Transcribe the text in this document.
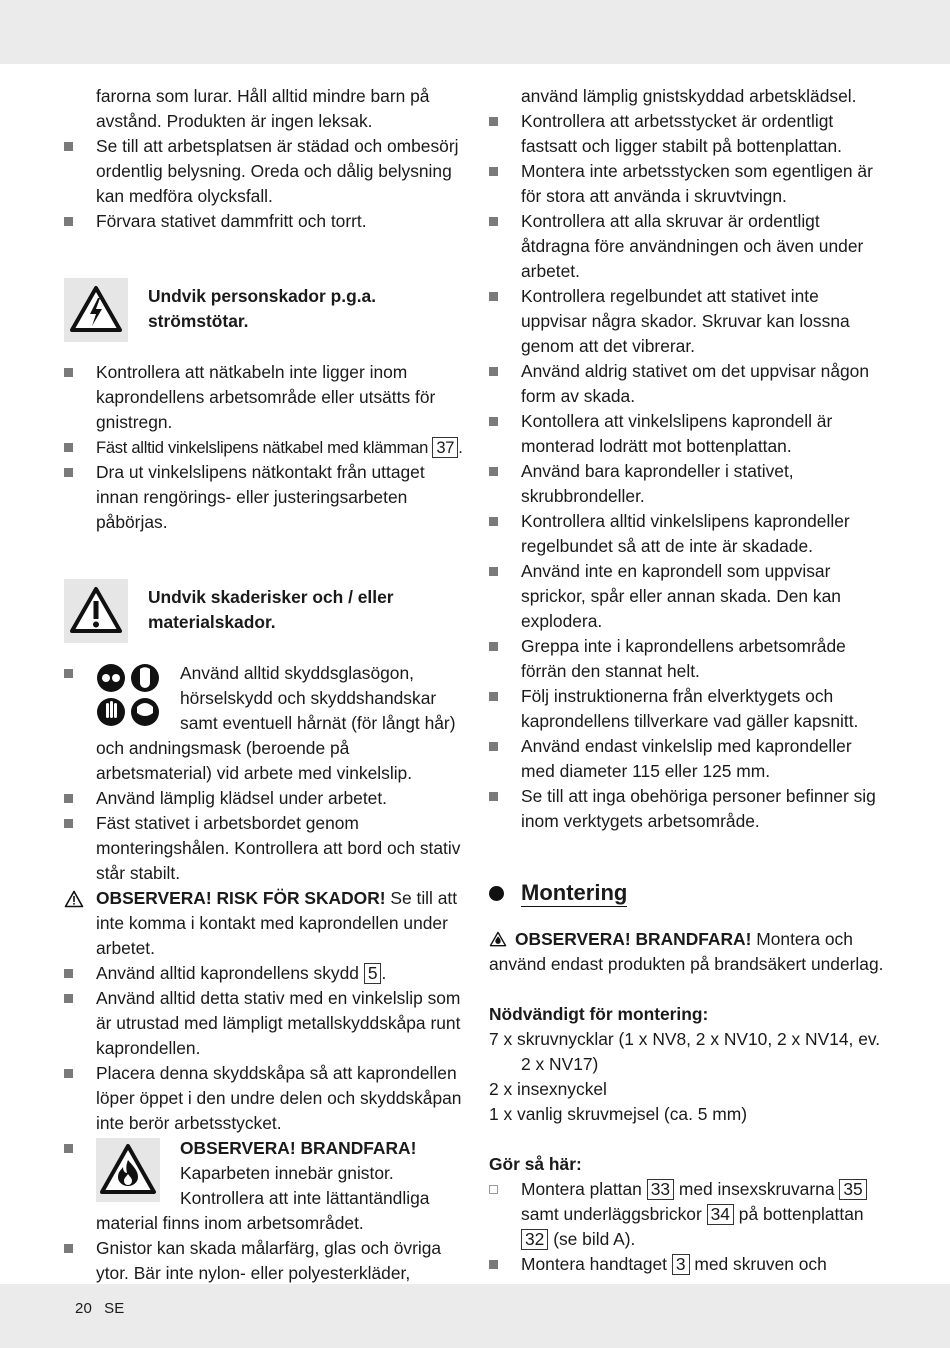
farorna som lurar. Håll alltid mindre barn på avstånd. Produkten är ingen leksak.
Se till att arbetsplatsen är städad och ombesörj ordentlig belysning. Oreda och dålig belysning kan medföra olycksfall.
Förvara stativet dammfritt och torrt.
Undvik personskador p.g.a.
strömstötar.
Kontrollera att nätkabeln inte ligger inom kaprondellens arbetsområde eller utsätts för gnistregn.
Fäst alltid vinkelslipens nätkabel med klämman 37 .
Dra ut vinkelslipens nätkontakt från uttaget innan rengörings- eller justeringsarbeten påbörjas.
Undvik skaderisker och / eller
materialskador.
Använd alltid skyddsglasögon,
hörselskydd och skyddshandskar
samt eventuell hårnät (för långt hår)
och andningsmask (beroende på arbetsmaterial) vid arbete med vinkelslip.
Använd lämplig klädsel under arbetet.
Fäst stativet i arbetsbordet genom monteringshålen. Kontrollera att bord och stativ står stabilt.
OBSERVERA! RISK FÖR SKADOR! Se till att inte komma i kontakt med kaprondellen under arbetet.
Använd alltid kaprondellens skydd 5 .
Använd alltid detta stativ med en vinkelslip som är utrustad med lämpligt metallskyddskåpa runt kaprondellen.
Placera denna skyddskåpa så att kaprondellen löper öppet i den undre delen och skyddskåpan inte berör arbetsstycket.
OBSERVERA! BRANDFARA!
Kaparbeten innebär gnistor.
Kontrollera att inte lättantändliga
material finns inom arbetsområdet.
Gnistor kan skada målarfärg, glas och övriga ytor. Bär inte nylon- eller polyesterkläder,
använd lämplig gnistskyddad arbetsklädsel.
Kontrollera att arbetsstycket är ordentligt fastsatt och ligger stabilt på bottenplattan.
Montera inte arbetsstycken som egentligen är för stora att använda i skruvtvingn.
Kontrollera att alla skruvar är ordentligt åtdragna före användningen och även under arbetet.
Kontrollera regelbundet att stativet inte uppvisar några skador. Skruvar kan lossna genom att det vibrerar.
Använd aldrig stativet om det uppvisar någon form av skada.
Kontollera att vinkelslipens kaprondell är monterad lodrätt mot bottenplattan.
Använd bara kaprondeller i stativet, skrubbrondeller.
Kontrollera alltid vinkelslipens kaprondeller regelbundet så att de inte är skadade.
Använd inte en kaprondell som uppvisar sprickor, spår eller annan skada. Den kan explodera.
Greppa inte i kaprondellens arbetsområde förrän den stannat helt.
Följ instruktionerna från elverktygets och kaprondellens tillverkare vad gäller kapsnitt.
Använd endast vinkelslip med kaprondeller med diameter 115 eller 125 mm.
Se till att inga obehöriga personer befinner sig inom verktygets arbetsområde.
Montering
OBSERVERA! BRANDFARA! Montera och använd endast produkten på brandsäkert underlag.
Nödvändigt för montering:
7 x skruvnycklar (1 x NV8, 2 x NV10, 2 x NV14, ev. 2 x NV17)
2 x insexnyckel
1 x vanlig skruvmejsel (ca. 5 mm)
Gör så här:
Montera plattan 33 med insexskruvarna 35 samt underläggsbrickor 34 på bottenplattan 32 (se bild A).
Montera handtaget 3 med skruven och
20 SE
